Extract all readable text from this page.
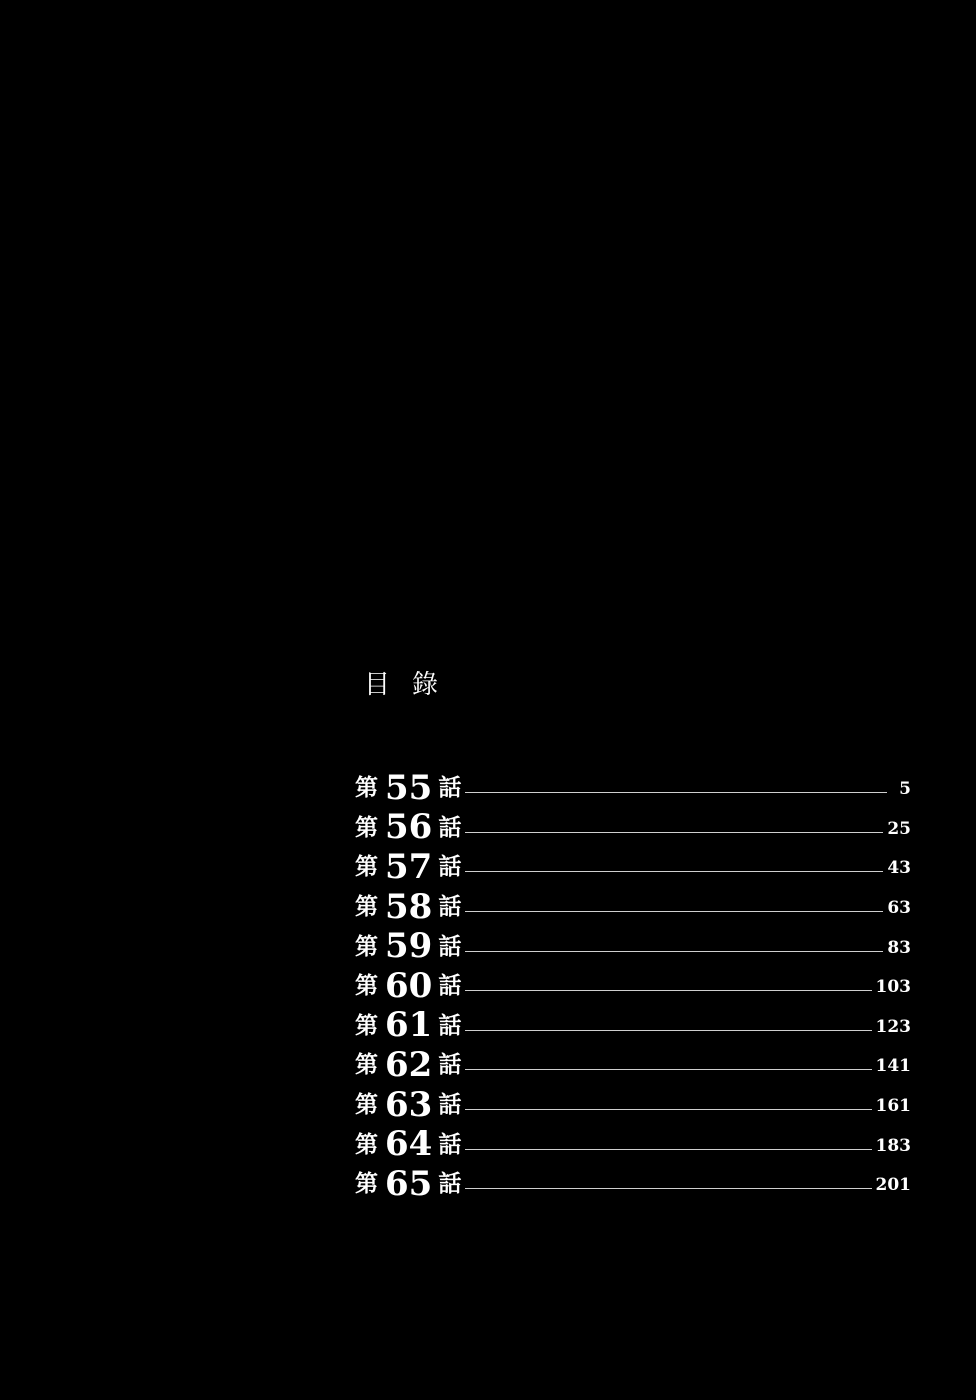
目錄
第 55 話	5
第 56 話	25
第 57 話	43
第 58 話	63
第 59 話	83
第 60 話	103
第 61 話	123
第 62 話	141
第 63 話	161
第 64 話	183
第 65 話	201
